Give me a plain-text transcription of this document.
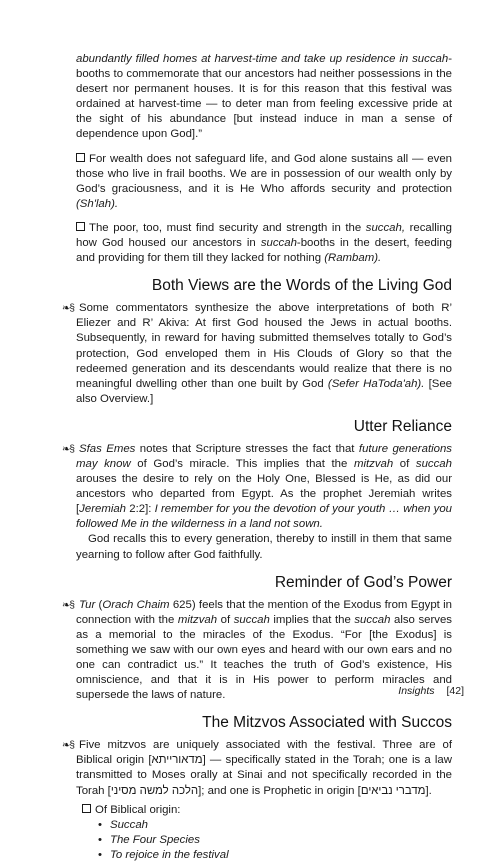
abundantly filled homes at harvest-time and take up residence in succah-booths to commemorate that our ancestors had neither possessions in the desert nor permanent houses. It is for this reason that this festival was ordained at harvest-time — to deter man from feeling excessive pride at the sight of his abundance [but instead induce in man a sense of dependence upon God].”

For wealth does not safeguard life, and God alone sustains all — even those who live in frail booths. We are in possession of our wealth only by God’s graciousness, and it is He Who affords security and protection (Sh'lah).

The poor, too, must find security and strength in the succah, recalling how God housed our ancestors in succah-booths in the desert, feeding and providing for them till they lacked for nothing (Rambam).

Both Views are the Words of the Living God

❧§ Some commentators synthesize the above interpretations of both R’ Eliezer and R’ Akiva: At first God housed the Jews in actual booths. Subsequently, in reward for having submitted themselves totally to God’s protection, God enveloped them in His Clouds of Glory so that the redeemed generation and its descendants would realize that there is no meaningful dwelling other than one built by God (Sefer HaToda'ah). [See also Overview.]

Utter Reliance

❧§ Sfas Emes notes that Scripture stresses the fact that future generations may know of God’s miracle. This implies that the mitzvah of succah arouses the desire to rely on the Holy One, Blessed is He, as did our ancestors who departed from Egypt. As the prophet Jeremiah writes [Jeremiah 2:2]: I remember for you the devotion of your youth … when you followed Me in the wilderness in a land not sown.

God recalls this to every generation, thereby to instill in them that same yearning to follow after God faithfully.

Reminder of God’s Power

❧§ Tur (Orach Chaim 625) feels that the mention of the Exodus from Egypt in connection with the mitzvah of succah implies that the succah also serves as a memorial to the miracles of the Exodus. “For [the Exodus] is something we saw with our own eyes and heard with our own ears and no one can contradict us.” It teaches the truth of God’s existence, His omniscience, and that it is in His power to perform miracles and supersede the laws of nature.

The Mitzvos Associated with Succos

❧§ Five mitzvos are uniquely associated with the festival. Three are of Biblical origin [מדאורייתא] — specifically stated in the Torah; one is a law transmitted to Moses orally at Sinai and not specifically recorded in the Torah [הלכה למשה מסיני]; and one is Prophetic in origin [מדברי נביאים].

Of Biblical origin:
• Succah
• The Four Species
• To rejoice in the festival
Insights [42]
